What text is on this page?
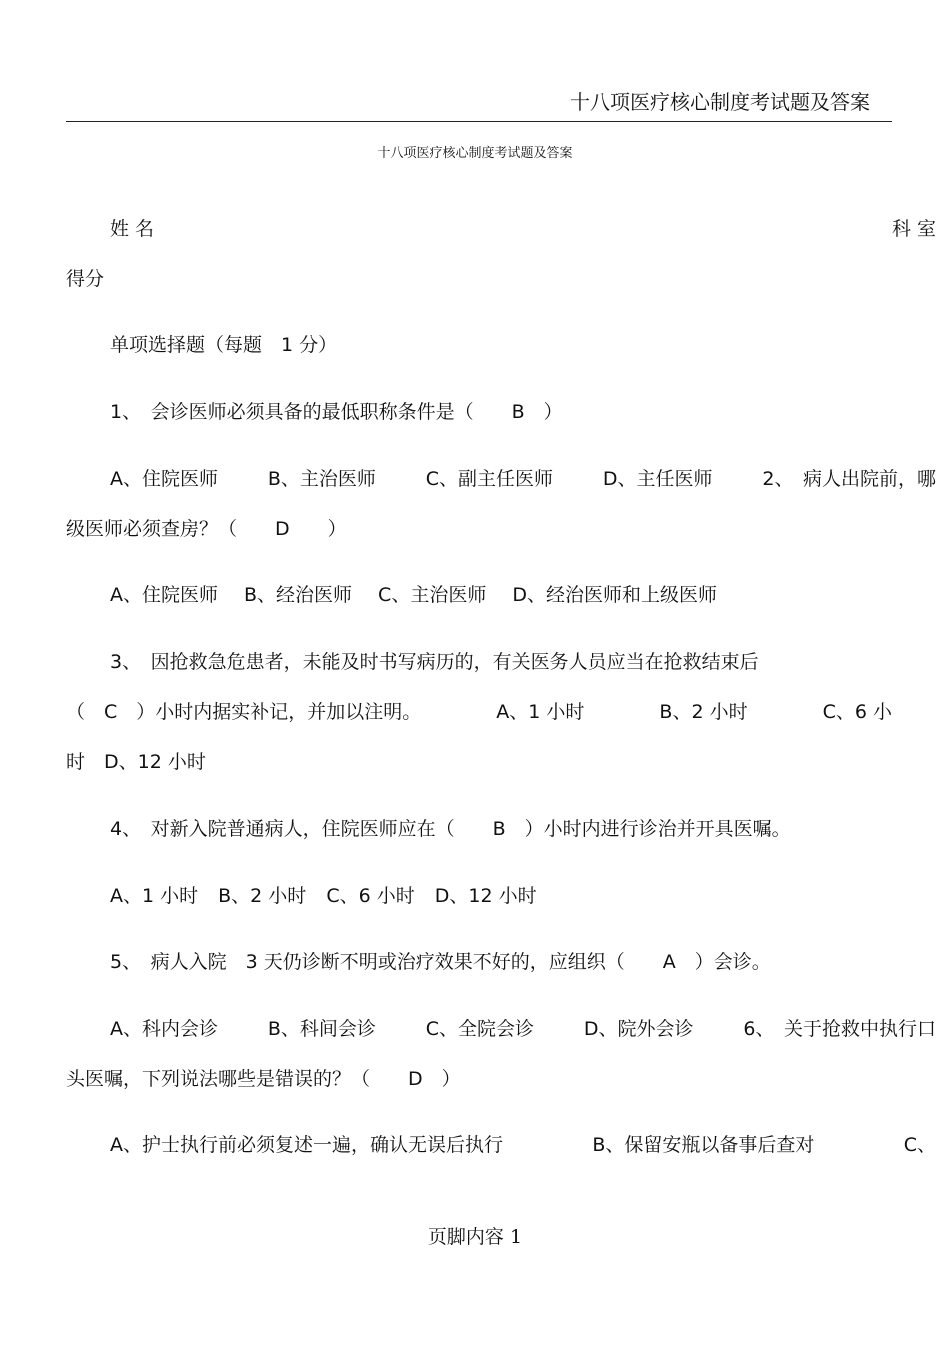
十八项医疗核心制度考试题及答案
十八项医疗核心制度考试题及答案
姓 名	科 室
得分
单项选择题（每题　1 分）
1、　会诊医师必须具备的最低职称条件是（　　B　）
A、住院医师	B、主治医师	C、副主任医师	D、主任医师	2、　病人出院前，哪
级医师必须查房？（　　D　　）
A、住院医师 B、经治医师 C、主治医师 D、经治医师和上级医师
3、　因抢救急危患者，未能及时书写病历的，有关医务人员应当在抢救结束后
（　C　）小时内据实补记，并加以注明。	A、1 小时	B、2 小时	C、6 小
时　D、12 小时
4、　对新入院普通病人，住院医师应在（　　B　）小时内进行诊治并开具医嘱。
A、1 小时 B、2 小时 C、6 小时 D、12 小时
5、　病人入院　3 天仍诊断不明或治疗效果不好的，应组织（　　A　）会诊。
A、科内会诊	B、科间会诊	C、全院会诊	D、院外会诊	6、　关于抢救中执行口
头医嘱，下列说法哪些是错误的？（　　D　）
A、护士执行前必须复述一遍，确认无误后执行	B、保留安瓶以备事后查对	C、
页脚内容 1
